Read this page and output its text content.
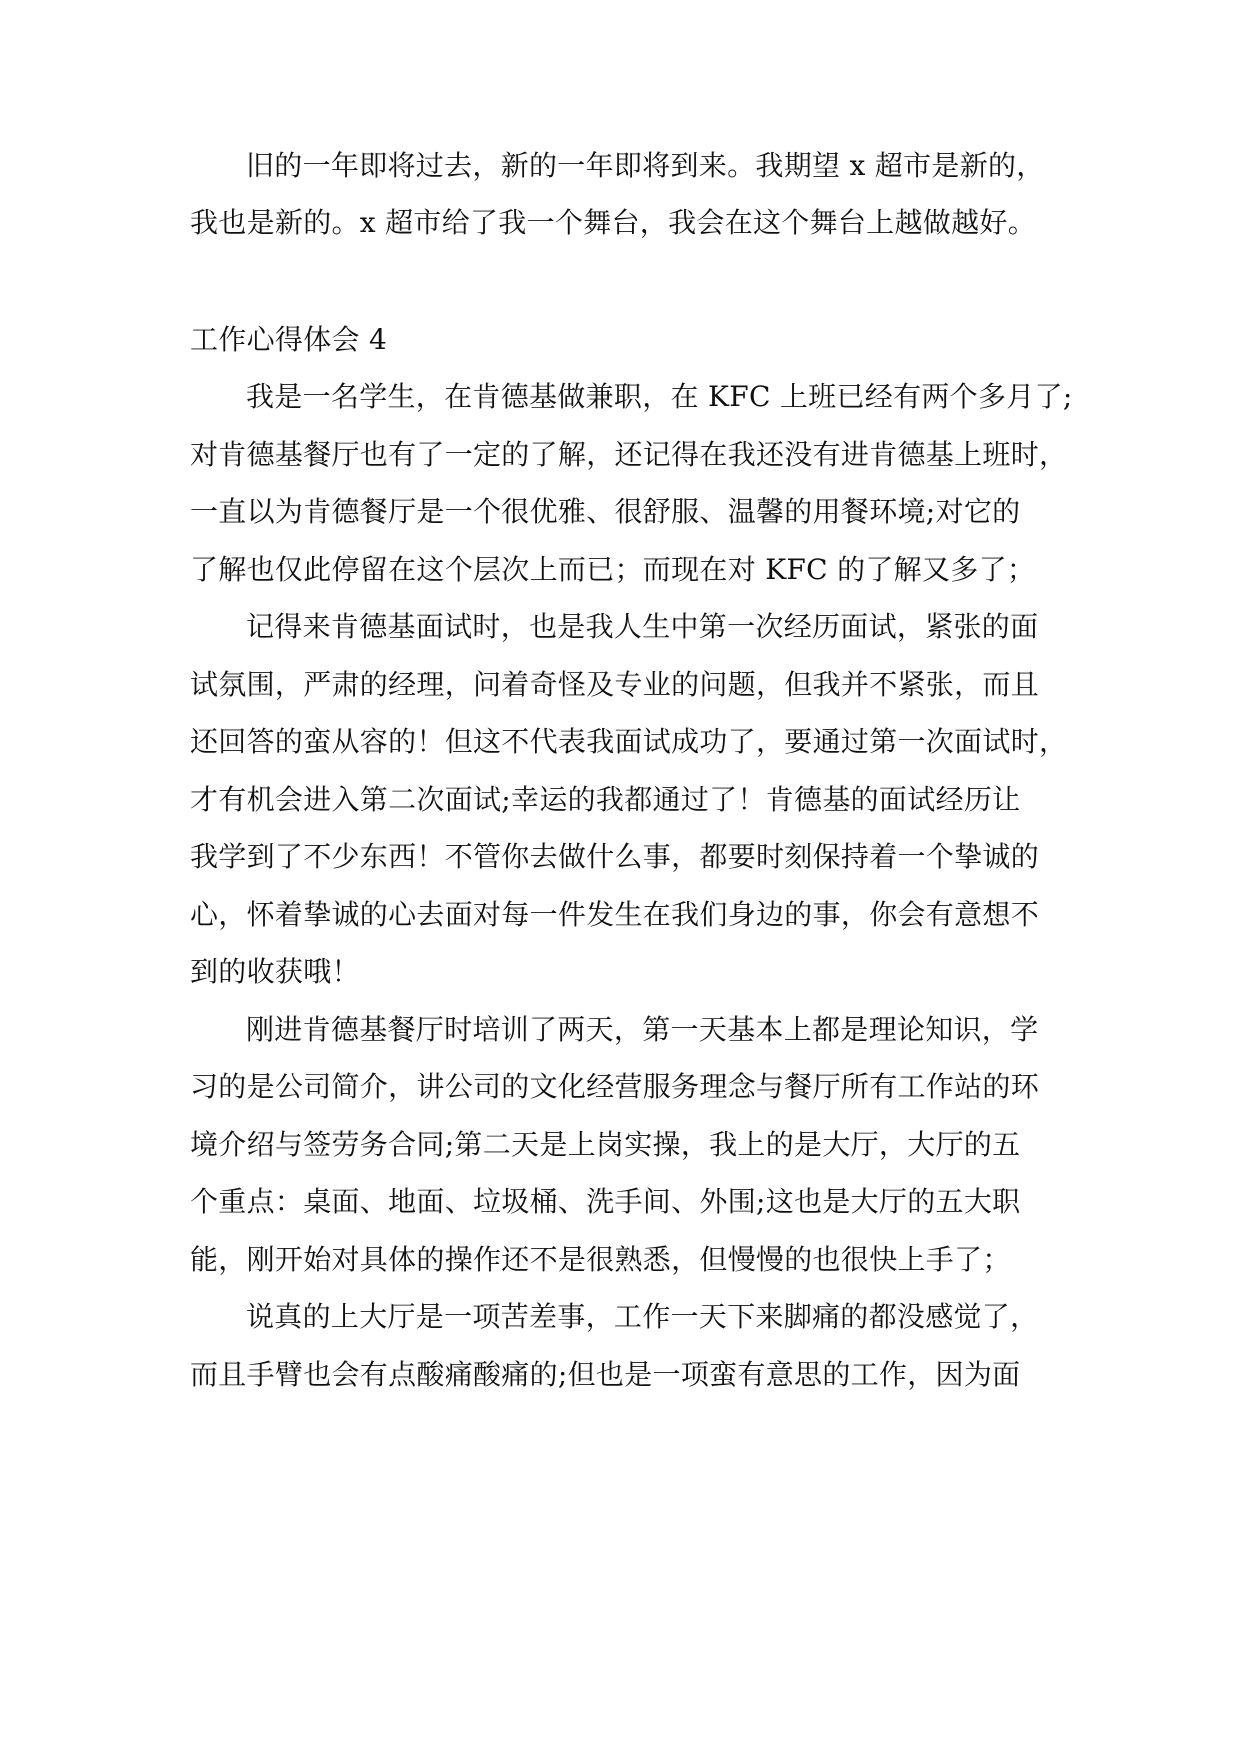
旧的一年即将过去，新的一年即将到来。我期望 x 超市是新的，
我也是新的。x 超市给了我一个舞台，我会在这个舞台上越做越好。
工作心得体会 4
我是一名学生，在肯德基做兼职，在 KFC 上班已经有两个多月了;
对肯德基餐厅也有了一定的了解，还记得在我还没有进肯德基上班时，
一直以为肯德餐厅是一个很优雅、很舒服、温馨的用餐环境;对它的
了解也仅此停留在这个层次上而已；而现在对 KFC 的了解又多了；
记得来肯德基面试时，也是我人生中第一次经历面试，紧张的面
试氛围，严肃的经理，问着奇怪及专业的问题，但我并不紧张，而且
还回答的蛮从容的！但这不代表我面试成功了，要通过第一次面试时，
才有机会进入第二次面试;幸运的我都通过了！肯德基的面试经历让
我学到了不少东西！不管你去做什么事，都要时刻保持着一个挚诚的
心，怀着挚诚的心去面对每一件发生在我们身边的事，你会有意想不
到的收获哦！
刚进肯德基餐厅时培训了两天，第一天基本上都是理论知识，学
习的是公司简介，讲公司的文化经营服务理念与餐厅所有工作站的环
境介绍与签劳务合同;第二天是上岗实操，我上的是大厅，大厅的五
个重点：桌面、地面、垃圾桶、洗手间、外围;这也是大厅的五大职
能，刚开始对具体的操作还不是很熟悉，但慢慢的也很快上手了；
说真的上大厅是一项苦差事，工作一天下来脚痛的都没感觉了，
而且手臂也会有点酸痛酸痛的;但也是一项蛮有意思的工作，因为面
